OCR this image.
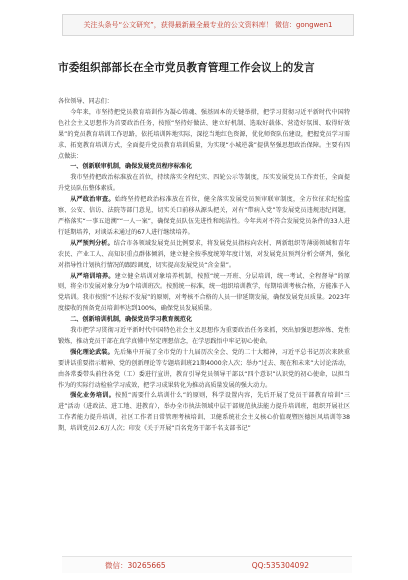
关注头条号“公文研究”，获得最新最全最专业的公文资料库！ 微信：gongwen1
市委组织部部长在全市党员教育管理工作会议上的发言

各位领导、同志们：

今年来，市坚持把党员教育培训作为凝心铸魂、强基固本的关键举措，把学习贯彻习近平新时代中国特色社会主义思想作为首要政治任务，按照“坚持好做法、建立好机制、选取好载体、营造好氛围、取得好效果”的党员教育培训工作思路，依托培训阵地实际，深挖当地红色资源，优化师资队伍建设，把握党员学习需求、拓宽教育培训方式，全面提升党员教育培训质量，为实现“小城逆袭”提供坚强思想政治保障。主要有四点做法：

一、创新联审机制，确保发展党员程序标准化

我市坚持把政治标准放在首位，持续落实全程纪实、四轮公示等制度，压实发展党员工作责任，全面提升党员队伍整体素质。

从严政治审查。始终坚持把政治标准放在首位，健全落实发展党员预审联审制度，全方位征求纪检监察、公安、信访、法院等部门意见，切实关口前移从源头把关，对有“带病入党”等发展党员违规违纪问题，严格落实“一事五追溯”“一人一案”，确保党员队伍先进性和纯洁性。今年共对不符合发展党员条件的33人进行延期培养，对谈话未通过的67人进行继续培养。

从严预判分析。结合市各领域发展党员比例要求，将发展党员指标向农村、两新组织等薄弱领域和青年农民、产业工人、高知识重点群体倾斜，建立健全按季度统筹年度计划，对发展党员预判分析会研判，强化对指导性计划执行情况的跟踪调度，切实提高发展党员“含金量”。

从严培训培养。建立健全培训对象培养机制，按照“统一开班、分层培训，统一考试、全程督导”的原则，将全市发展对象分为9个培训班次。按照统一标准，统一组织培训教学，每期培训考核合格，方能准予入党培训。我市按照“不达标不发展”的原则，对考核不合格的人员一律延期发展，确保发展党员质量。2023年度接收的预备党员培训率达到100%，确保党员发展质量。

二、创新培训机制，确保党员学习教育规范化

我市把学习贯彻习近平新时代中国特色社会主义思想作为重要政治任务来抓，突出加强思想淬炼、党性锻炼，推动党员干部在真学真懂中坚定理想信念，在学思践悟中牢记初心使命。

强化理论武装。先后集中开展了全市党的十九届历次全会、党的二十大精神，习近平总书记历次来陕重要讲话重要指示精神、党的创新理论等专题培训班21期4000余人次；举办“过去、现在和未来”大讨论活动，由各常委带头前往各党（工）委进行宣讲，教育引导党员领导干部以“四个意识”认识党的初心使命，以担当作为的实际行动检验学习成效，把学习成果转化为推动高质量发展的强大动力。

强化业务培训。按照“需要什么培训什么”的原则，科学设置内容，先后开展了党员干部教育培训“三进”活动（进政法、进工地、进教育），举办全市执法领域中层干部规范执法能力提升培训班，组织开展社区工作者能力提升培训，社区工作者日常管理考核培训、卫健系统社会主义核心价值观暨医德医风培训等38期，培训党员2.6万人次；印发《关于开展“百名党务干部千名支部书记”

微信：30265665	QQ:535304092
